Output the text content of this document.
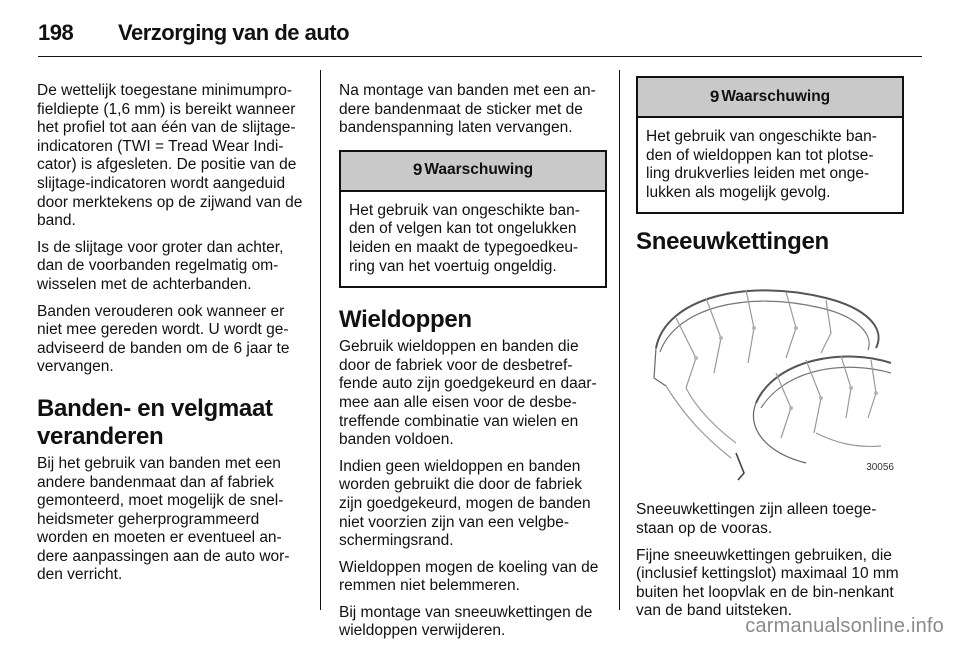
198 Verzorging van de auto

De wettelijk toegestane minimumpro-fieldiepte (1,6 mm) is bereikt wanneer het profiel tot aan één van de slijtage-indicatoren (TWI = Tread Wear Indi-cator) is afgesleten. De positie van de slijtage-indicatoren wordt aangeduid door merktekens op de zijwand van de band.

Is de slijtage voor groter dan achter, dan de voorbanden regelmatig om-wisselen met de achterbanden.

Banden verouderen ook wanneer er niet mee gereden wordt. U wordt ge-adviseerd de banden om de 6 jaar te vervangen.

Banden- en velgmaat veranderen

Bij het gebruik van banden met een andere bandenmaat dan af fabriek gemonteerd, moet mogelijk de snel-heidsmeter geherprogrammeerd worden en moeten er eventueel an-dere aanpassingen aan de auto wor-den verricht.

Na montage van banden met een an-dere bandenmaat de sticker met de bandenspanning laten vervangen.

9 Waarschuwing
Het gebruik van ongeschikte ban-den of velgen kan tot ongelukken leiden en maakt de typegoedkeu-ring van het voertuig ongeldig.
Wieldoppen

Gebruik wieldoppen en banden die door de fabriek voor de desbetref-fende auto zijn goedgekeurd en daar-mee aan alle eisen voor de desbe-treffende combinatie van wielen en banden voldoen.

Indien geen wieldoppen en banden worden gebruikt die door de fabriek zijn goedgekeurd, mogen de banden niet voorzien zijn van een velgbe-schermingsrand.

Wieldoppen mogen de koeling van de remmen niet belemmeren.

Bij montage van sneeuwkettingen de wieldoppen verwijderen.

9 Waarschuwing
Het gebruik van ongeschikte ban-den of wieldoppen kan tot plotse-ling drukverlies leiden met onge-lukken als mogelijk gevolg.
Sneeuwkettingen
30056

Sneeuwkettingen zijn alleen toege-staan op de vooras.

Fijne sneeuwkettingen gebruiken, die (inclusief kettingslot) maximaal 10 mm buiten het loopvlak en de bin-nenkant van de band uitsteken.

carmanualsonline.info
